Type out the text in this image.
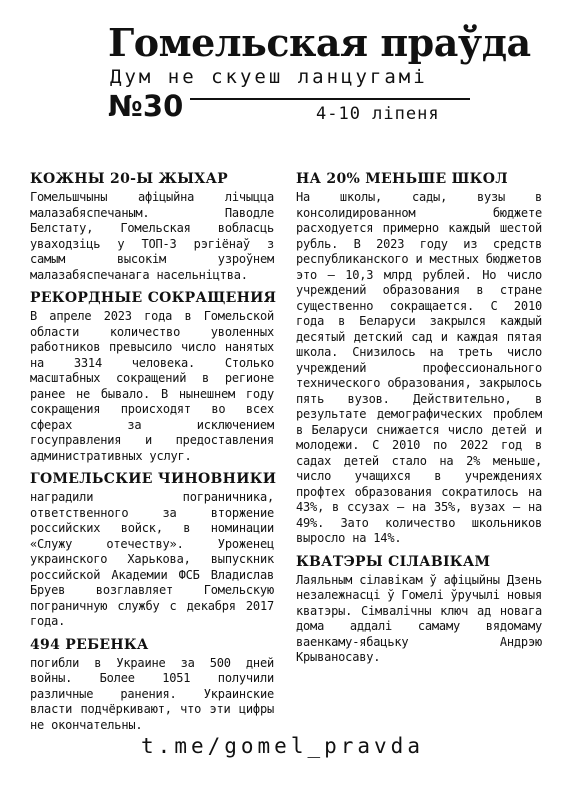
Гомельская праўда
Дум не скуеш ланцугамі
№30	4-10 ліпеня
КОЖНЫ 20-Ы ЖЫХАР

Гомельшчыны афіцыйна лічыцца малазабяспечаным. Паводле Белстату, Гомельская вобласць уваходзіць у ТОП-3 рэгіёнаў з самым высокім узроўнем малазабяспечанага насельніцтва.

РЕКОРДНЫЕ СОКРАЩЕНИЯ

В апреле 2023 года в Гомельской области количество уволенных работников превысило число нанятых на 3314 человека. Столько масштабных сокращений в регионе ранее не бывало. В нынешнем году сокращения происходят во всех сферах за исключением госуправления и предоставления административных услуг.

ГОМЕЛЬСКИЕ ЧИНОВНИКИ

наградили пограничника, ответственного за вторжение российских войск, в номинации «Служу отечеству». Уроженец украинского Харькова, выпускник российской Академии ФСБ Владислав Бруев возглавляет Гомельскую пограничную службу с декабря 2017 года.

494 РЕБЕНКА

погибли в Украине за 500 дней войны. Более 1051 получили различные ранения. Украинские власти подчёркивают, что эти цифры не окончательны.

НА 20% МЕНЬШЕ ШКОЛ

На школы, сады, вузы в консолидированном бюджете расходуется примерно каждый шестой рубль. В 2023 году из средств республиканского и местных бюджетов это — 10,3 млрд рублей. Но число учреждений образования в стране существенно сокращается. С 2010 года в Беларуси закрылся каждый десятый детский сад и каждая пятая школа. Снизилось на треть число учреждений профессионального технического образования, закрылось пять вузов. Действительно, в результате демографических проблем в Беларуси снижается число детей и молодежи. С 2010 по 2022 год в садах детей стало на 2% меньше, число учащихся в учреждениях профтех образования сократилось на 43%, в ссузах — на 35%, вузах — на 49%. Зато количество школьников выросло на 14%.

КВАТЭРЫ СІЛАВІКАМ

Лаяльным сілавікам ў афіцыйны Дзень незалежнасці ў Гомелі ўручылі новыя кватэры. Сімвалічны ключ ад новага дома аддалі самаму вядомаму ваенкаму-ябацьку Андрэю Крываносаву.

t.me/gomel_pravda
